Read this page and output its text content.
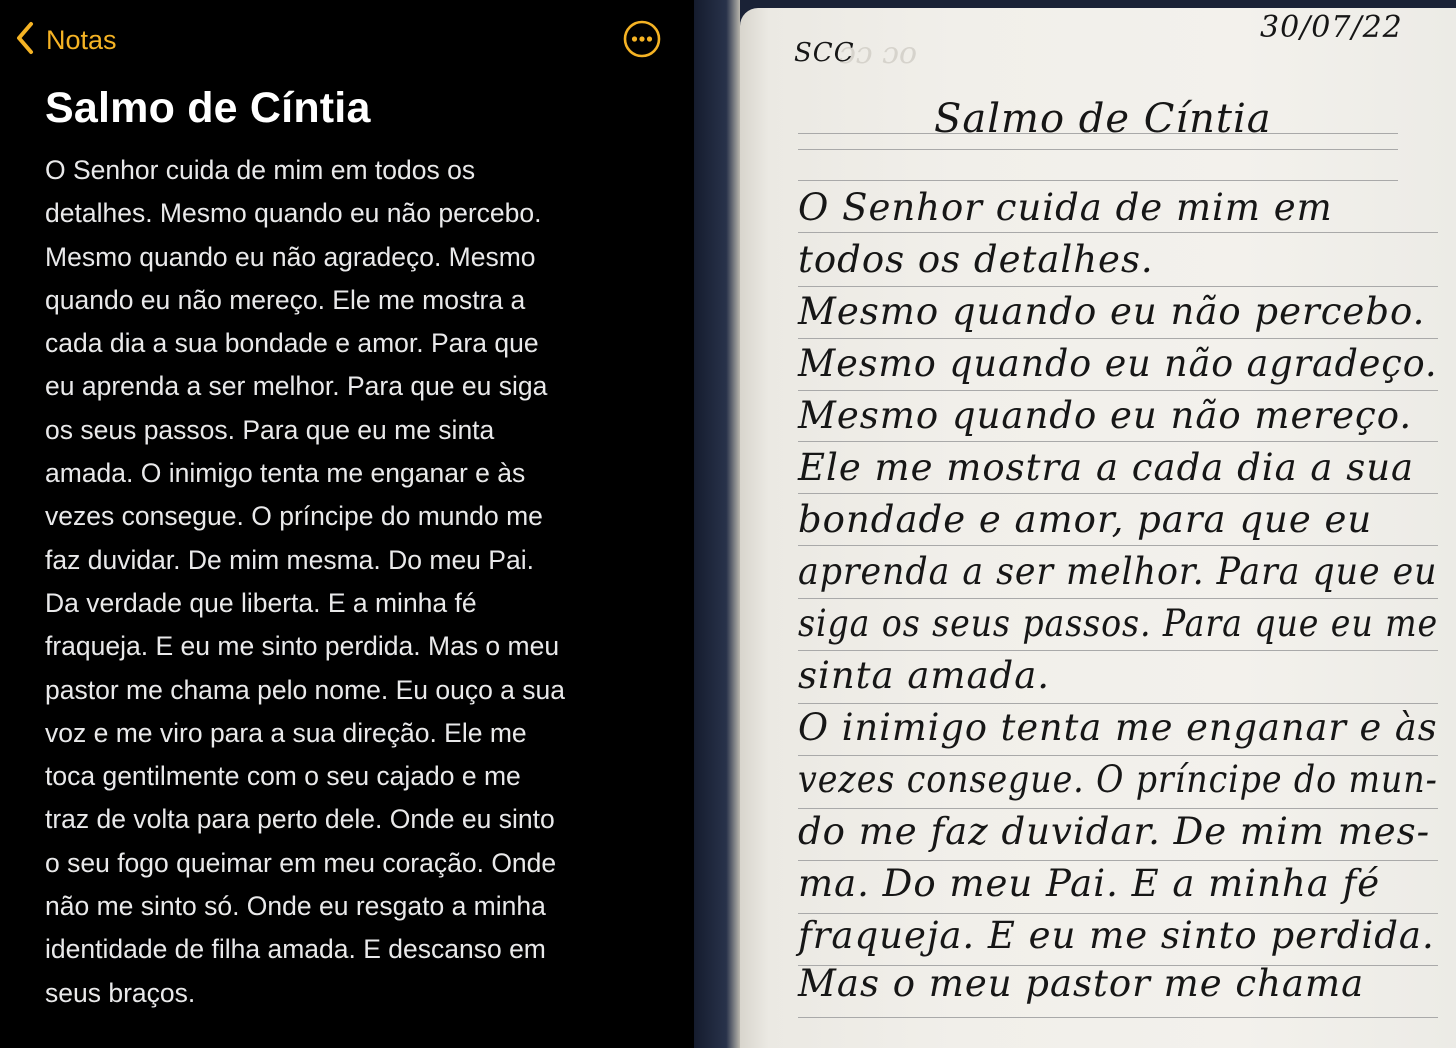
Notas
Salmo de Cíntia
O Senhor cuida de mim em todos os
detalhes. Mesmo quando eu não percebo.
Mesmo quando eu não agradeço. Mesmo
quando eu não mereço. Ele me mostra a
cada dia a sua bondade e amor. Para que
eu aprenda a ser melhor. Para que eu siga
os seus passos. Para que eu me sinta
amada. O inimigo tenta me enganar e às
vezes consegue. O príncipe do mundo me
faz duvidar. De mim mesma. Do meu Pai.
Da verdade que liberta. E a minha fé
fraqueja. E eu me sinto perdida. Mas o meu
pastor me chama pelo nome. Eu ouço a sua
voz e me viro para a sua direção. Ele me
toca gentilmente com o seu cajado e me
traz de volta para perto dele. Onde eu sinto
o seu fogo queimar em meu coração. Onde
não me sinto só. Onde eu resgato a minha
identidade de filha amada. E descanso em
seus braços.
ɔɔ ɔo
SCC
30/07/22
Salmo de Cíntia
O Senhor cuida de mim em
todos os detalhes.
Mesmo quando eu não percebo.
Mesmo quando eu não agradeço.
Mesmo quando eu não mereço.
Ele me mostra a cada dia a sua
bondade e amor, para que eu
aprenda a ser melhor. Para que eu
siga os seus passos. Para que eu me
sinta amada.
O inimigo tenta me enganar e às
vezes consegue. O príncipe do mun-
do me faz duvidar. De mim mes-
ma. Do meu Pai. E a minha fé
fraqueja. E eu me sinto perdida.
Mas o meu pastor me chama
